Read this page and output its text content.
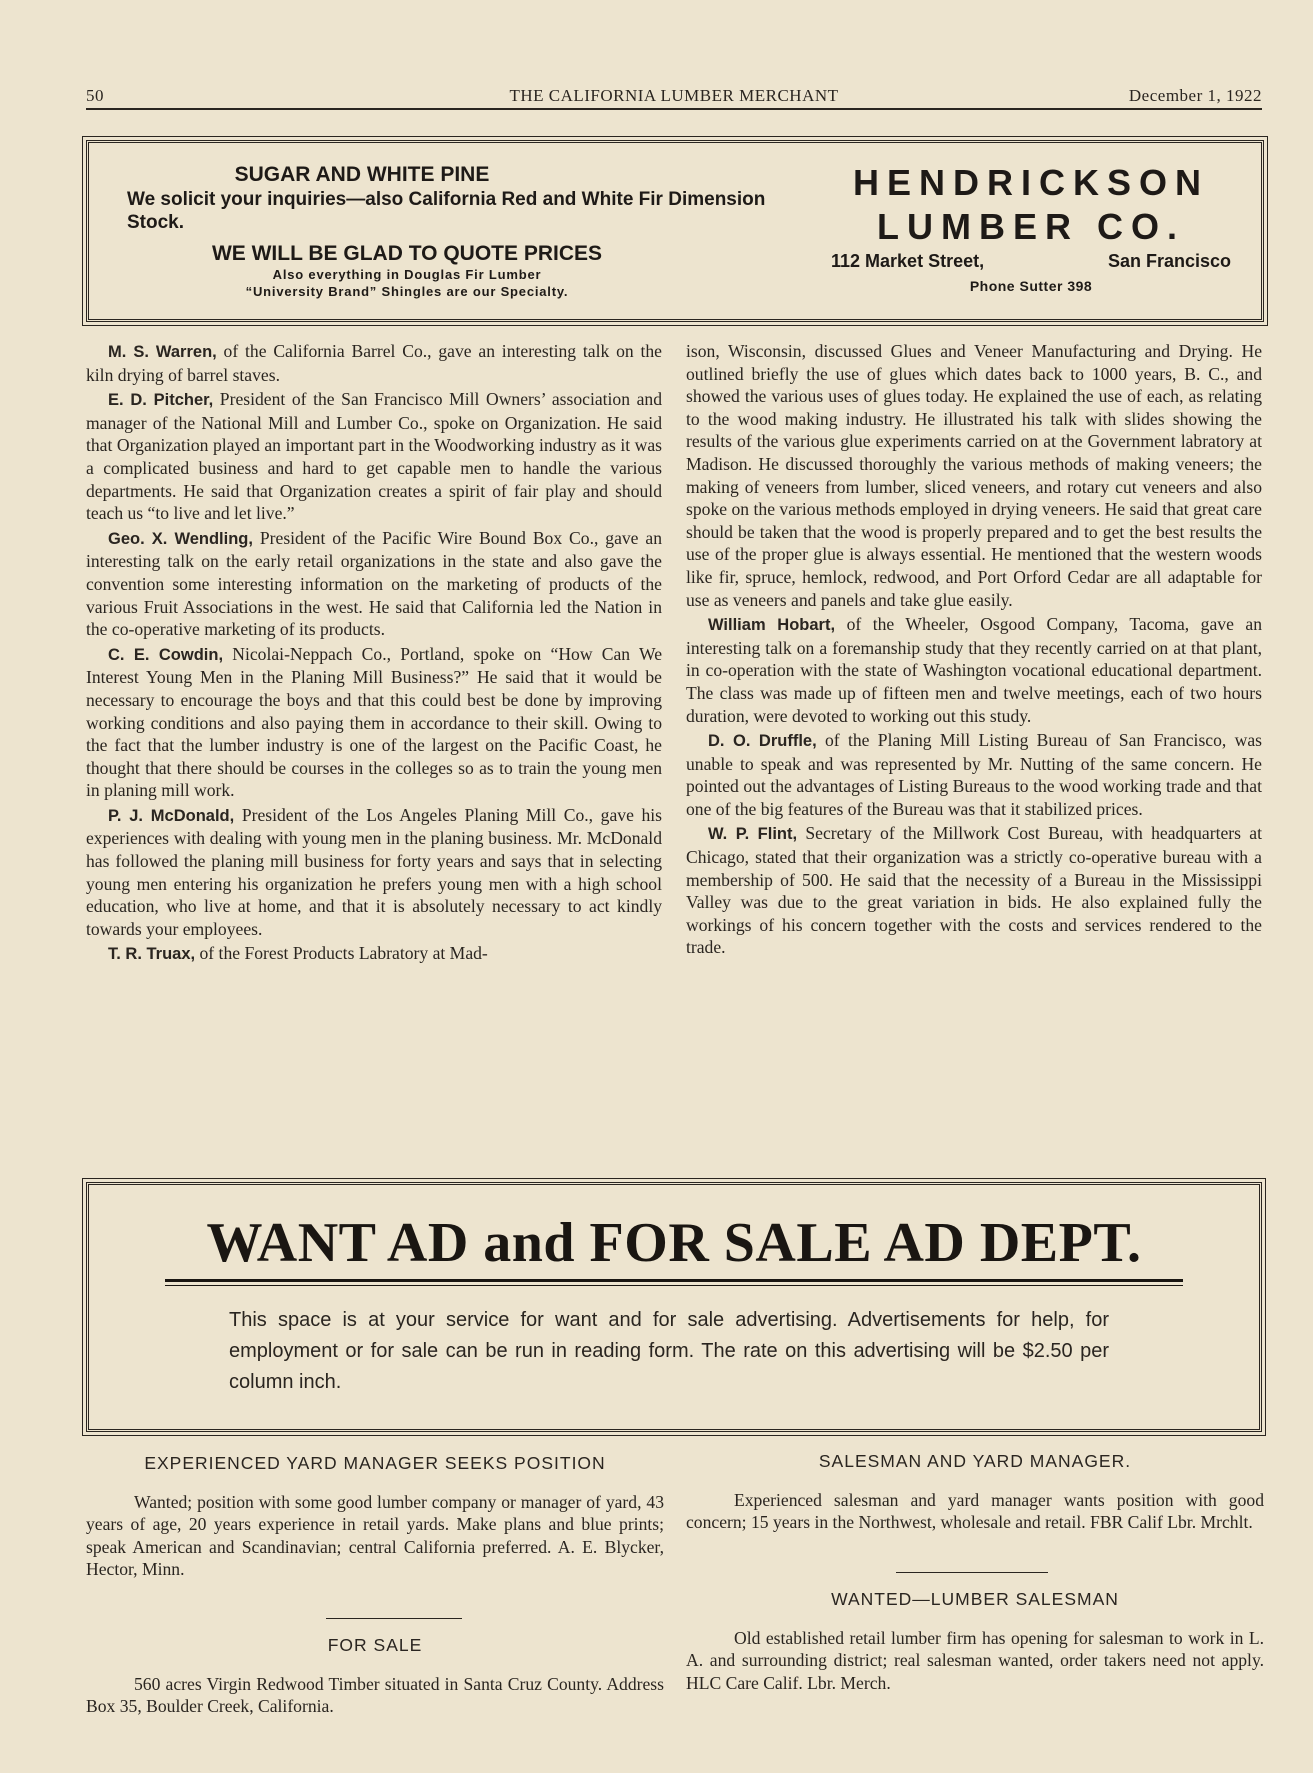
50	THE CALIFORNIA LUMBER MERCHANT	December 1, 1922
SUGAR AND WHITE PINE
We solicit your inquiries—also California Red and White Fir Dimension Stock.
WE WILL BE GLAD TO QUOTE PRICES
Also everything in Douglas Fir Lumber
“University Brand” Shingles are our Specialty.
HENDRICKSON
LUMBER CO.
112 Market Street,	San Francisco
Phone Sutter 398

M. S. Warren, of the California Barrel Co., gave an interesting talk on the kiln drying of barrel staves.

E. D. Pitcher, President of the San Francisco Mill Owners’ association and manager of the National Mill and Lumber Co., spoke on Organization. He said that Organization played an important part in the Woodworking industry as it was a complicated business and hard to get capable men to handle the various departments. He said that Organization creates a spirit of fair play and should teach us “to live and let live.”

Geo. X. Wendling, President of the Pacific Wire Bound Box Co., gave an interesting talk on the early retail organizations in the state and also gave the convention some interesting information on the marketing of products of the various Fruit Associations in the west. He said that California led the Nation in the co-operative marketing of its products.

C. E. Cowdin, Nicolai-Neppach Co., Portland, spoke on “How Can We Interest Young Men in the Planing Mill Business?” He said that it would be necessary to encourage the boys and that this could best be done by improving working conditions and also paying them in accordance to their skill. Owing to the fact that the lumber industry is one of the largest on the Pacific Coast, he thought that there should be courses in the colleges so as to train the young men in planing mill work.

P. J. McDonald, President of the Los Angeles Planing Mill Co., gave his experiences with dealing with young men in the planing business. Mr. McDonald has followed the planing mill business for forty years and says that in selecting young men entering his organization he prefers young men with a high school education, who live at home, and that it is absolutely necessary to act kindly towards your employees.

T. R. Truax, of the Forest Products Labratory at Mad-

ison, Wisconsin, discussed Glues and Veneer Manufacturing and Drying. He outlined briefly the use of glues which dates back to 1000 years, B. C., and showed the various uses of glues today. He explained the use of each, as relating to the wood making industry. He illustrated his talk with slides showing the results of the various glue experiments carried on at the Government labratory at Madison. He discussed thoroughly the various methods of making veneers; the making of veneers from lumber, sliced veneers, and rotary cut veneers and also spoke on the various methods employed in drying veneers. He said that great care should be taken that the wood is properly prepared and to get the best results the use of the proper glue is always essential. He mentioned that the western woods like fir, spruce, hemlock, redwood, and Port Orford Cedar are all adaptable for use as veneers and panels and take glue easily.

William Hobart, of the Wheeler, Osgood Company, Tacoma, gave an interesting talk on a foremanship study that they recently carried on at that plant, in co-operation with the state of Washington vocational educational department. The class was made up of fifteen men and twelve meetings, each of two hours duration, were devoted to working out this study.

D. O. Druffle, of the Planing Mill Listing Bureau of San Francisco, was unable to speak and was represented by Mr. Nutting of the same concern. He pointed out the advantages of Listing Bureaus to the wood working trade and that one of the big features of the Bureau was that it stabilized prices.

W. P. Flint, Secretary of the Millwork Cost Bureau, with headquarters at Chicago, stated that their organization was a strictly co-operative bureau with a membership of 500. He said that the necessity of a Bureau in the Mississippi Valley was due to the great variation in bids. He also explained fully the workings of his concern together with the costs and services rendered to the trade.

WANT AD and FOR SALE AD DEPT.
This space is at your service for want and for sale advertising. Advertisements for help, for employment or for sale can be run in reading form. The rate on this advertising will be $2.50 per column inch.
EXPERIENCED YARD MANAGER SEEKS POSITION

Wanted; position with some good lumber company or manager of yard, 43 years of age, 20 years experience in retail yards. Make plans and blue prints; speak American and Scandinavian; central California preferred. A. E. Blycker, Hector, Minn.

FOR SALE

560 acres Virgin Redwood Timber situated in Santa Cruz County. Address Box 35, Boulder Creek, California.

SALESMAN AND YARD MANAGER.

Experienced salesman and yard manager wants position with good concern; 15 years in the Northwest, wholesale and retail. FBR Calif Lbr. Mrchlt.

WANTED—LUMBER SALESMAN

Old established retail lumber firm has opening for salesman to work in L. A. and surrounding district; real salesman wanted, order takers need not apply. HLC Care Calif. Lbr. Merch.
